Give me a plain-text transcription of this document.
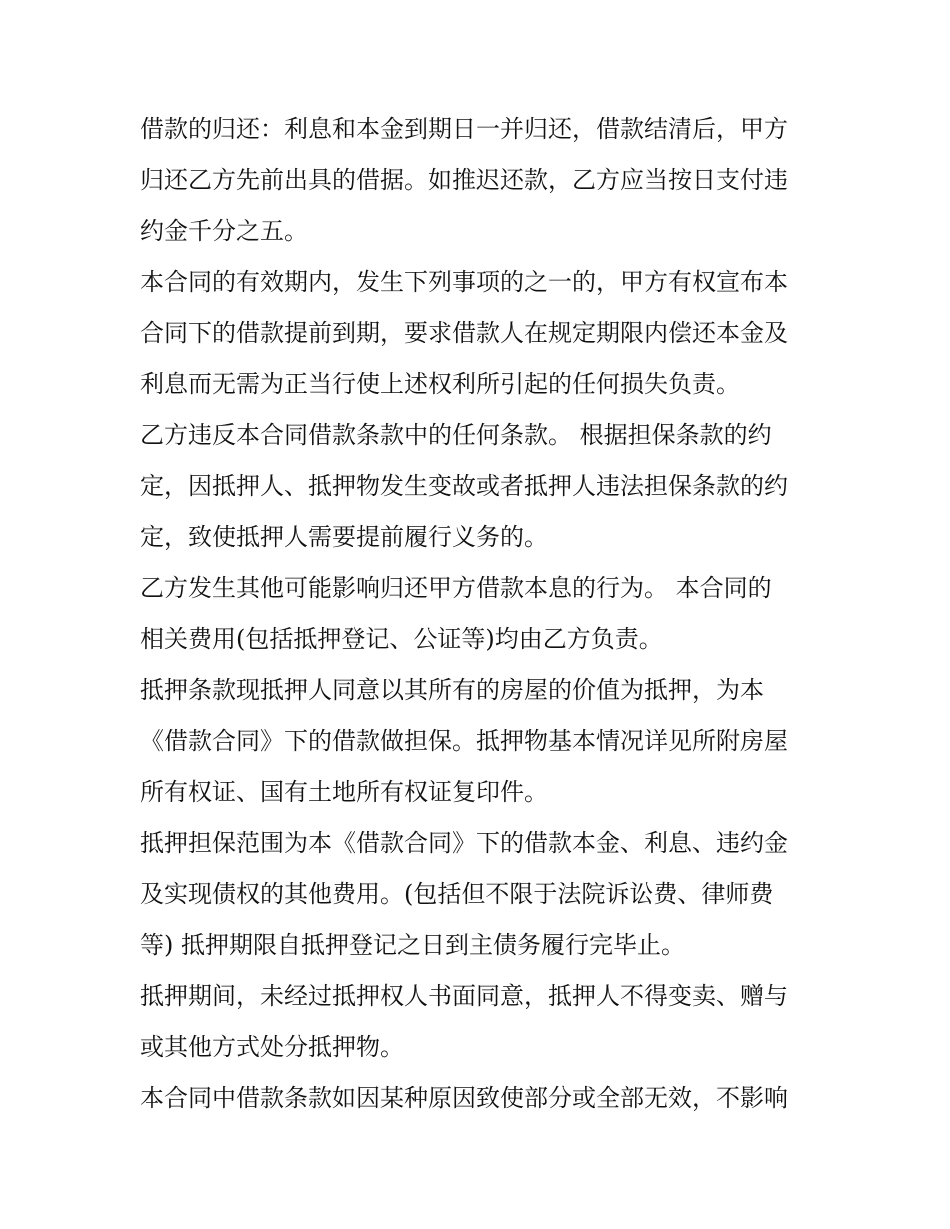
借款的归还：利息和本金到期日一并归还，借款结清后，甲方
归还乙方先前出具的借据。如推迟还款，乙方应当按日支付违
约金千分之五。
本合同的有效期内，发生下列事项的之一的，甲方有权宣布本
合同下的借款提前到期，要求借款人在规定期限内偿还本金及
利息而无需为正当行使上述权利所引起的任何损失负责。
乙方违反本合同借款条款中的任何条款。 根据担保条款的约
定，因抵押人、抵押物发生变故或者抵押人违法担保条款的约
定，致使抵押人需要提前履行义务的。
乙方发生其他可能影响归还甲方借款本息的行为。 本合同的
相关费用(包括抵押登记、公证等)均由乙方负责。
抵押条款现抵押人同意以其所有的房屋的价值为抵押，为本
《借款合同》下的借款做担保。抵押物基本情况详见所附房屋
所有权证、国有土地所有权证复印件。
抵押担保范围为本《借款合同》下的借款本金、利息、违约金
及实现债权的其他费用。(包括但不限于法院诉讼费、律师费
等) 抵押期限自抵押登记之日到主债务履行完毕止。
抵押期间，未经过抵押权人书面同意，抵押人不得变卖、赠与
或其他方式处分抵押物。
本合同中借款条款如因某种原因致使部分或全部无效，不影响
